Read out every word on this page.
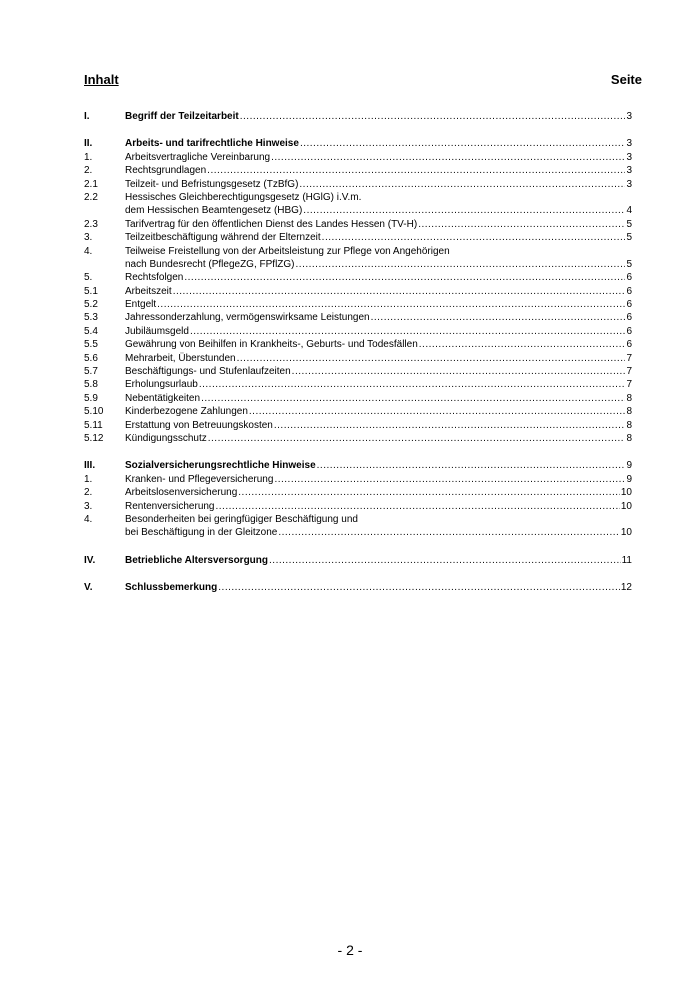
Inhalt	Seite
I.	Begriff der Teilzeitarbeit .....	3
II.	Arbeits- und tarifrechtliche Hinweise .....	3
1.	Arbeitsvertragliche Vereinbarung .....	3
2.	Rechtsgrundlagen .....	3
2.1	Teilzeit- und Befristungsgesetz (TzBfG) .....	3
2.2	Hessisches Gleichberechtigungsgesetz (HGlG) i.V.m.
dem Hessischen Beamtengesetz (HBG) .....	4
2.3	Tarifvertrag für den öffentlichen Dienst des Landes Hessen (TV-H) .....	5
3.	Teilzeitbeschäftigung während der Elternzeit .....	5
4.	Teilweise Freistellung von der Arbeitsleistung zur Pflege von Angehörigen
nach Bundesrecht (PflegeZG, FPflZG) .....	5
5.	Rechtsfolgen .....	6
5.1	Arbeitszeit .....	6
5.2	Entgelt .....	6
5.3	Jahressonderzahlung, vermögenswirksame Leistungen .....	6
5.4	Jubiläumsgeld .....	6
5.5	Gewährung von Beihilfen in Krankheits-, Geburts- und Todesfällen .....	6
5.6	Mehrarbeit, Überstunden .....	7
5.7	Beschäftigungs- und Stufenlaufzeiten .....	7
5.8	Erholungsurlaub .....	7
5.9	Nebentätigkeiten .....	8
5.10 Kinderbezogene Zahlungen .....	8
5.11 Erstattung von Betreuungskosten .....	8
5.12 Kündigungsschutz .....	8
III.	Sozialversicherungsrechtliche Hinweise .....	9
1.	Kranken- und Pflegeversicherung .....	9
2.	Arbeitslosenversicherung .....	10
3.	Rentenversicherung .....	10
4.	Besonderheiten bei geringfügiger Beschäftigung und
bei Beschäftigung in der Gleitzone .....	10
IV.	Betriebliche Altersversorgung .....	11
V.	Schlussbemerkung .....	12
- 2 -
